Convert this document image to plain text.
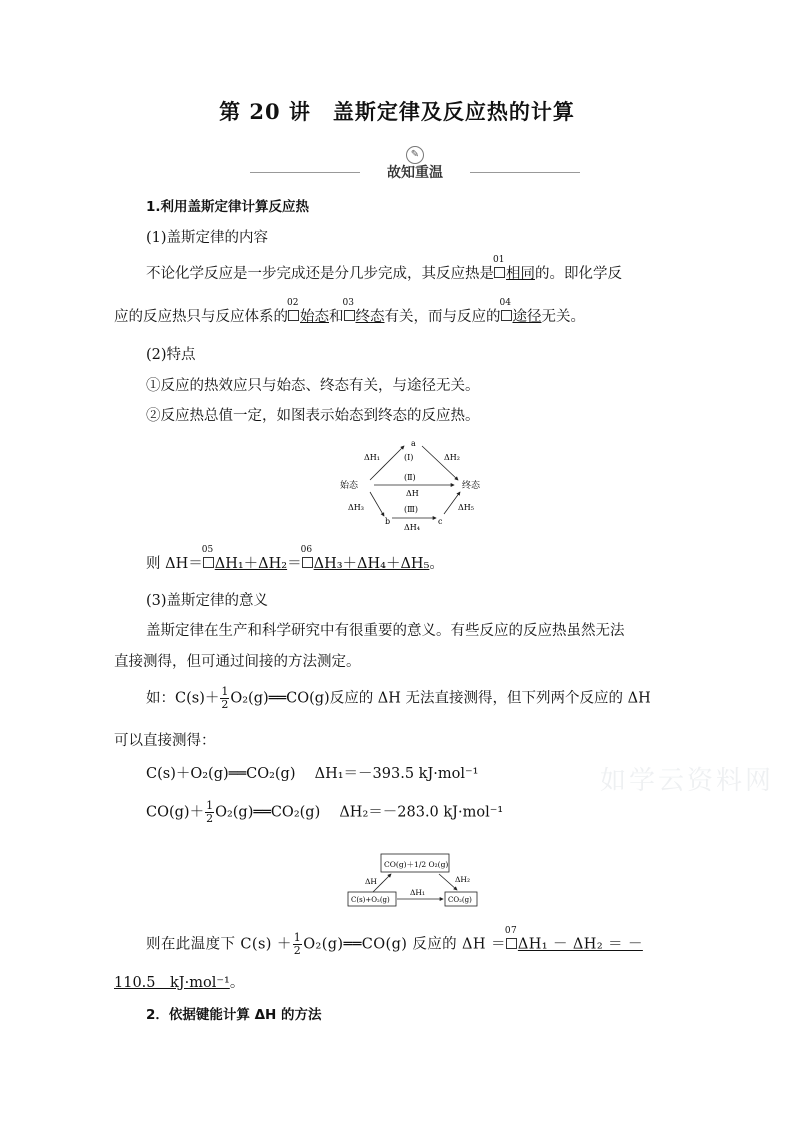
第 20 讲　盖斯定律及反应热的计算
✎
故知重温
1.利用盖斯定律计算反应热
(1)盖斯定律的内容
不论化学反应是一步完成还是分几步完成，其反应热是
01
相同的。即化学反
应的反应热只与反应体系的
02
始态和
03
终态有关，而与反应的
04
途径无关。
(2)特点
①反应的热效应只与始态、终态有关，与途径无关。
②反应热总值一定，如图表示始态到终态的反应热。
始态	终态
a
b	c
(Ⅰ)
(Ⅱ)
(Ⅲ)
ΔH
ΔH₁	ΔH₂
ΔH₃
ΔH₄
ΔH₅
则 ΔH＝
05
ΔH₁＋ΔH₂＝
06
ΔH₃＋ΔH₄＋ΔH₅。
(3)盖斯定律的意义
盖斯定律在生产和科学研究中有很重要的意义。有些反应的反应热虽然无法
直接测得，但可通过间接的方法测定。
如：$C(s)+ \frac{1}{2}$ O₂(g)══CO(g)反应的 ΔH 无法直接测得，但下列两个反应的 ΔH
可以直接测得：
C(s)＋O₂(g)══CO₂(g)　 ΔH₁＝－393.5 kJ·mol⁻¹
$CO(g)+ \frac{1}{2}$ O₂(g)══CO₂(g)　 ΔH₂＝－283.0 kJ·mol⁻¹
CO(g)＋1/2 O₂(g)
C(s)+O₂(g)	CO₂(g)
ΔH
ΔH₁
ΔH₂
则在此温度下 $C(s) + \frac{1}{2}$ O₂(g)══CO(g) 反应的 ΔH ＝
07
ΔH₁ － ΔH₂ ＝ －
110.5　kJ·mol⁻¹。
2．依据键能计算 ΔH 的方法
如学云资料网
